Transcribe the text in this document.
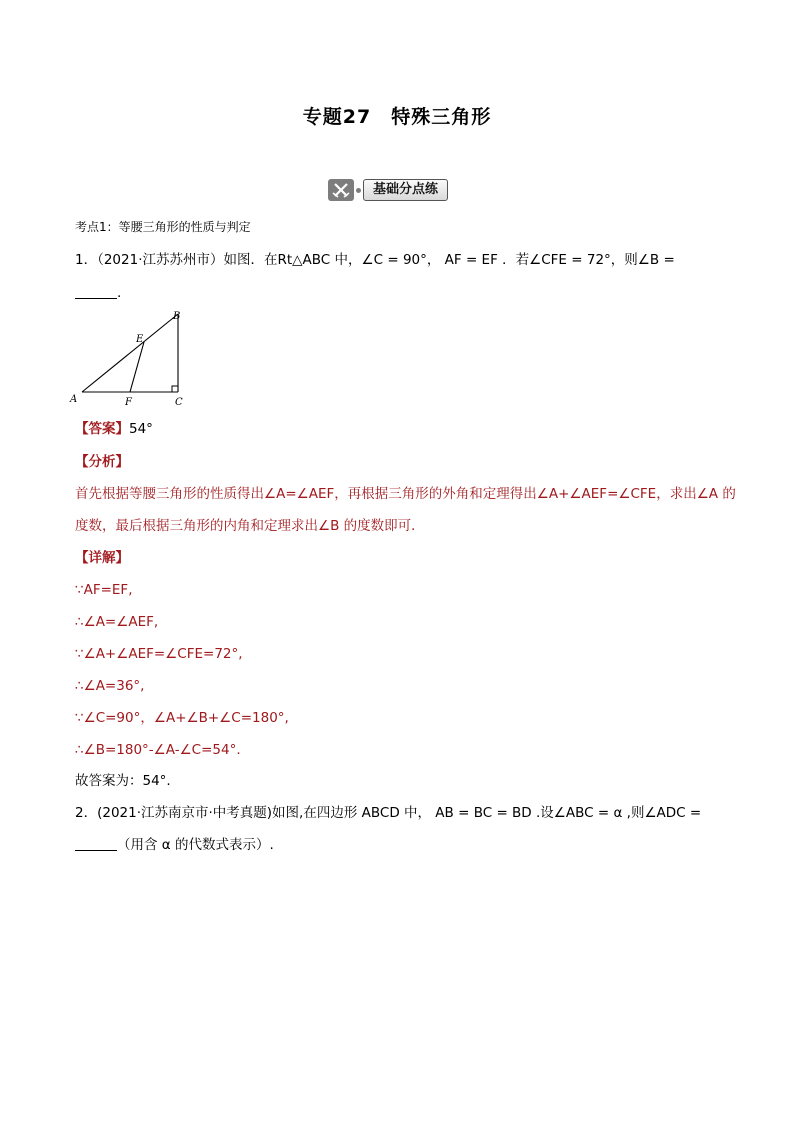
专题27　特殊三角形
基础分点练
考点1：等腰三角形的性质与判定
1．（2021·江苏苏州市）如图．在Rt△ABC 中，∠C = 90°， AF = EF ．若∠CFE = 72°，则∠B =
.
A
B
C
E
F
【答案】54°
【分析】
首先根据等腰三角形的性质得出∠A=∠AEF，再根据三角形的外角和定理得出∠A+∠AEF=∠CFE，求出∠A 的
度数，最后根据三角形的内角和定理求出∠B 的度数即可．
【详解】
∵AF=EF,
∴∠A=∠AEF,
∵∠A+∠AEF=∠CFE=72°,
∴∠A=36°,
∵∠C=90°，∠A+∠B+∠C=180°,
∴∠B=180°-∠A-∠C=54°.
故答案为：54°.
2．(2021·江苏南京市·中考真题)如图,在四边形 ABCD 中， AB = BC = BD .设∠ABC = α ,则∠ADC =
（用含 α 的代数式表示）.
